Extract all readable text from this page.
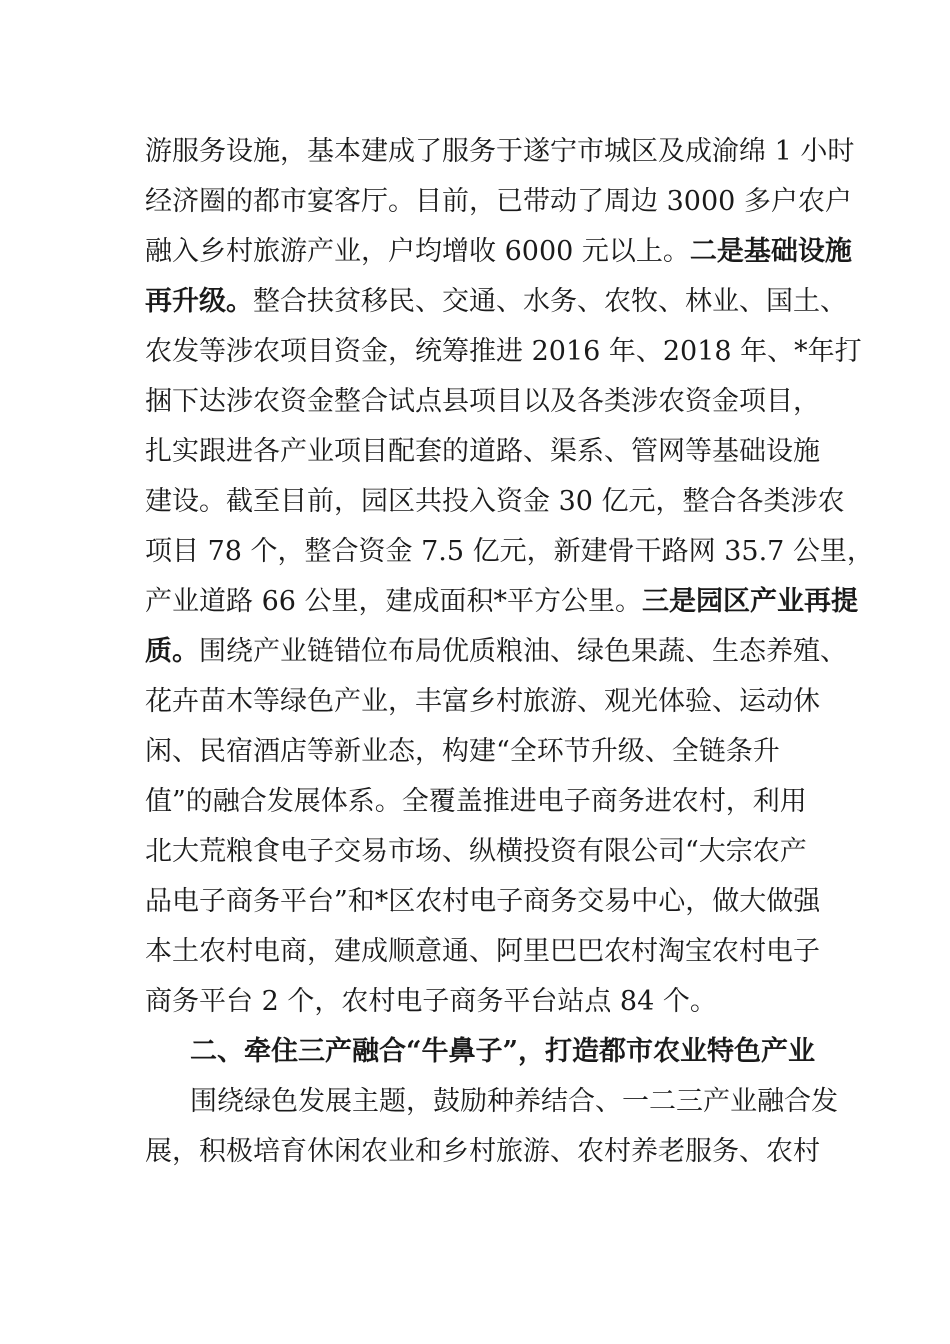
游服务设施，基本建成了服务于遂宁市城区及成渝绵 1 小时
经济圈的都市宴客厅。目前，已带动了周边 3000 多户农户
融入乡村旅游产业，户均增收 6000 元以上。二是基础设施
再升级。整合扶贫移民、交通、水务、农牧、林业、国土、
农发等涉农项目资金，统筹推进 2016 年、2018 年、*年打
捆下达涉农资金整合试点县项目以及各类涉农资金项目，
扎实跟进各产业项目配套的道路、渠系、管网等基础设施
建设。截至目前，园区共投入资金 30 亿元，整合各类涉农
项目 78 个，整合资金 7.5 亿元，新建骨干路网 35.7 公里，
产业道路 66 公里，建成面积*平方公里。三是园区产业再提
质。围绕产业链错位布局优质粮油、绿色果蔬、生态养殖、
花卉苗木等绿色产业，丰富乡村旅游、观光体验、运动休
闲、民宿酒店等新业态，构建“全环节升级、全链条升
值”的融合发展体系。全覆盖推进电子商务进农村，利用
北大荒粮食电子交易市场、纵横投资有限公司“大宗农产
品电子商务平台”和*区农村电子商务交易中心，做大做强
本土农村电商，建成顺意通、阿里巴巴农村淘宝农村电子
商务平台 2 个，农村电子商务平台站点 84 个。
二、牵住三产融合“牛鼻子”，打造都市农业特色产业
围绕绿色发展主题，鼓励种养结合、一二三产业融合发
展，积极培育休闲农业和乡村旅游、农村养老服务、农村
